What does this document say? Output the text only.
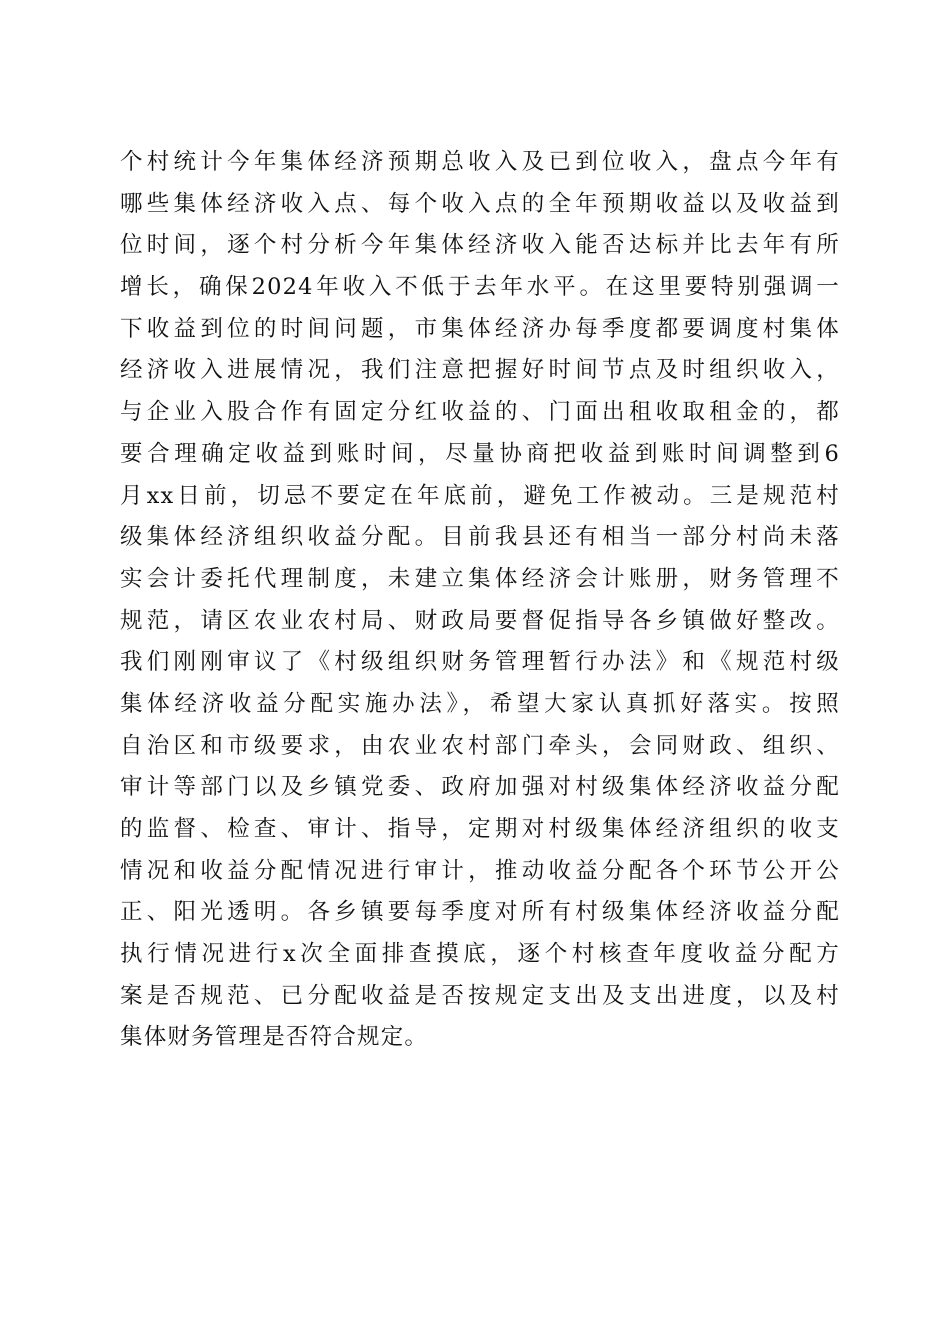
个村统计今年集体经济预期总收入及已到位收入，盘点今年有
哪些集体经济收入点、每个收入点的全年预期收益以及收益到
位时间，逐个村分析今年集体经济收入能否达标并比去年有所
增长，确保2024年收入不低于去年水平。在这里要特别强调一
下收益到位的时间问题，市集体经济办每季度都要调度村集体
经济收入进展情况，我们注意把握好时间节点及时组织收入，
与企业入股合作有固定分红收益的、门面出租收取租金的，都
要合理确定收益到账时间，尽量协商把收益到账时间调整到6
月xx日前，切忌不要定在年底前，避免工作被动。三是规范村
级集体经济组织收益分配。目前我县还有相当一部分村尚未落
实会计委托代理制度，未建立集体经济会计账册，财务管理不
规范，请区农业农村局、财政局要督促指导各乡镇做好整改。
我们刚刚审议了《村级组织财务管理暂行办法》和《规范村级
集体经济收益分配实施办法》，希望大家认真抓好落实。按照
自治区和市级要求，由农业农村部门牵头，会同财政、组织、
审计等部门以及乡镇党委、政府加强对村级集体经济收益分配
的监督、检查、审计、指导，定期对村级集体经济组织的收支
情况和收益分配情况进行审计，推动收益分配各个环节公开公
正、阳光透明。各乡镇要每季度对所有村级集体经济收益分配
执行情况进行x次全面排查摸底，逐个村核查年度收益分配方
案是否规范、已分配收益是否按规定支出及支出进度，以及村
集体财务管理是否符合规定。
